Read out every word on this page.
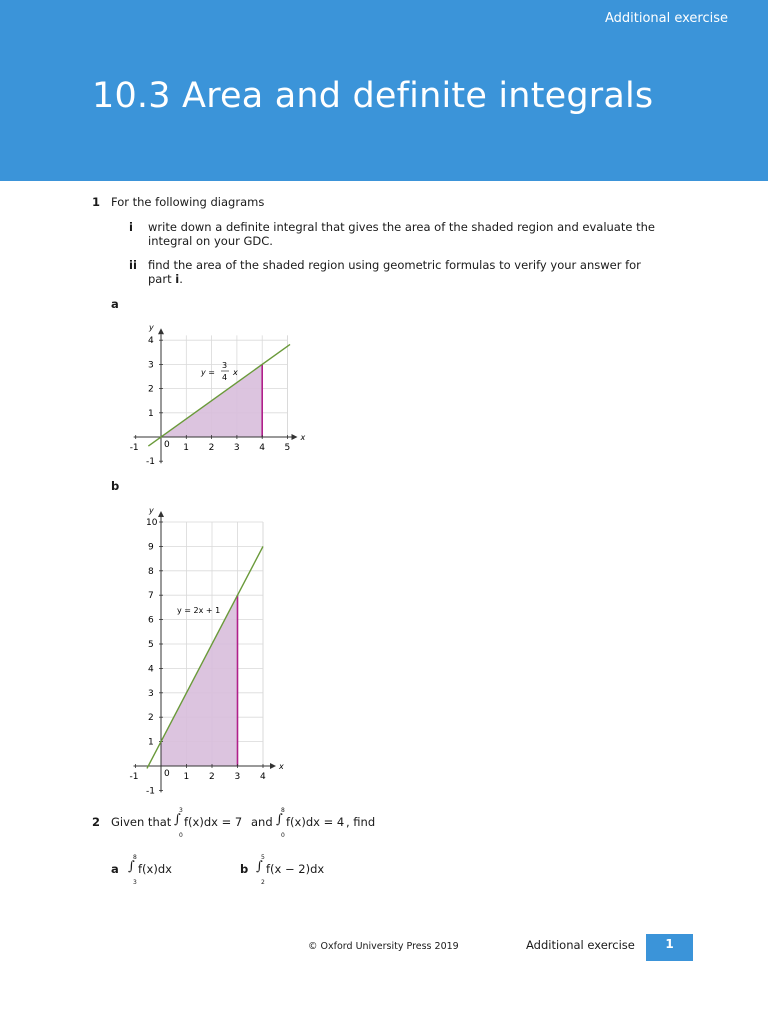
Additional exercise
10.3 Area and definite integrals
1 For the following diagrams
i write down a definite integral that gives the area of the shaded region and evaluate the
integral on your GDC.
ii find the area of the shaded region using geometric formulas to verify your answer for
part i.
a
b
x
y
-1	1 2 3 4 5
-1
1
2
3
4
0
y =
3
4
x
x
y
-1	1 2 3 4
-1
1
2
3
4
5
6
7
8
9
10
0
y = 2x + 1
2 Given that
3
∫
0
f(x)dx = 7 and
8
∫
0
f(x)dx = 4 , find
a
8
∫
3
f(x)dx	b
5
∫
2
f(x − 2)dx
© Oxford University Press 2019	Additional exercise	1
